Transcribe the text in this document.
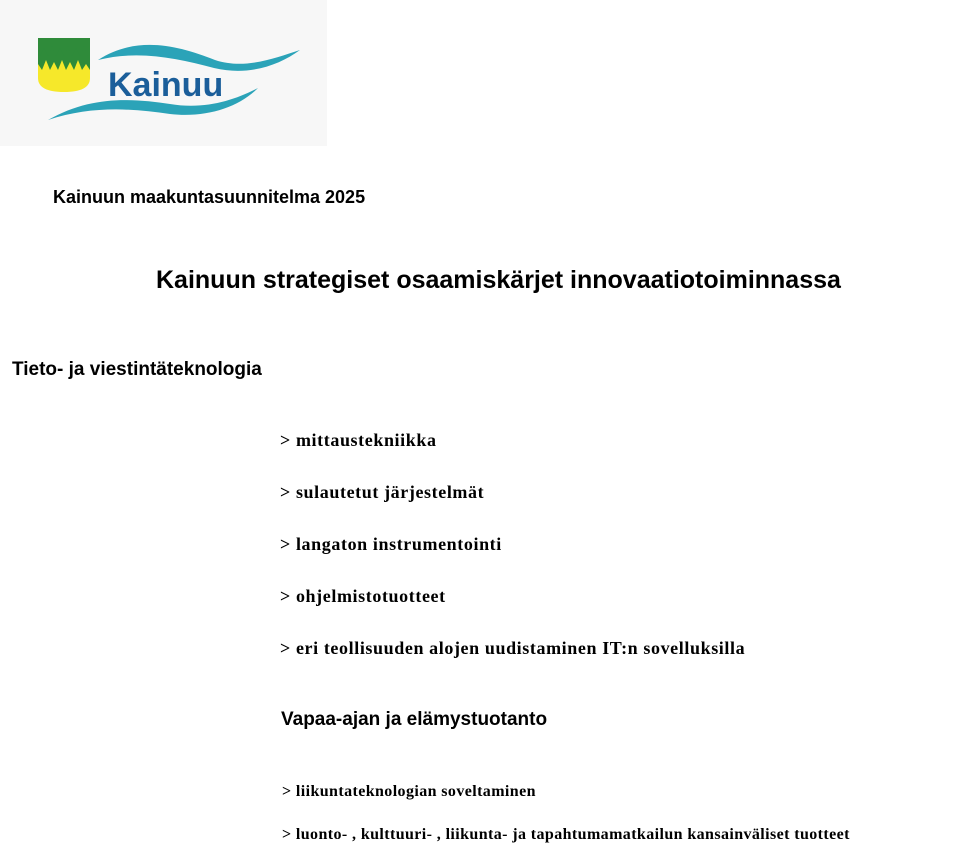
Kainuu
Kainuun maakuntasuunnitelma 2025
Kainuun strategiset osaamiskärjet innovaatiotoiminnassa
Tieto- ja viestintäteknologia
> mittaustekniikka
> sulautetut järjestelmät
> langaton instrumentointi
> ohjelmistotuotteet
> eri teollisuuden alojen uudistaminen IT:n sovelluksilla
Vapaa-ajan ja elämystuotanto
> liikuntateknologian soveltaminen
> luonto- , kulttuuri- , liikunta- ja tapahtumamatkailun kansainväliset tuotteet
